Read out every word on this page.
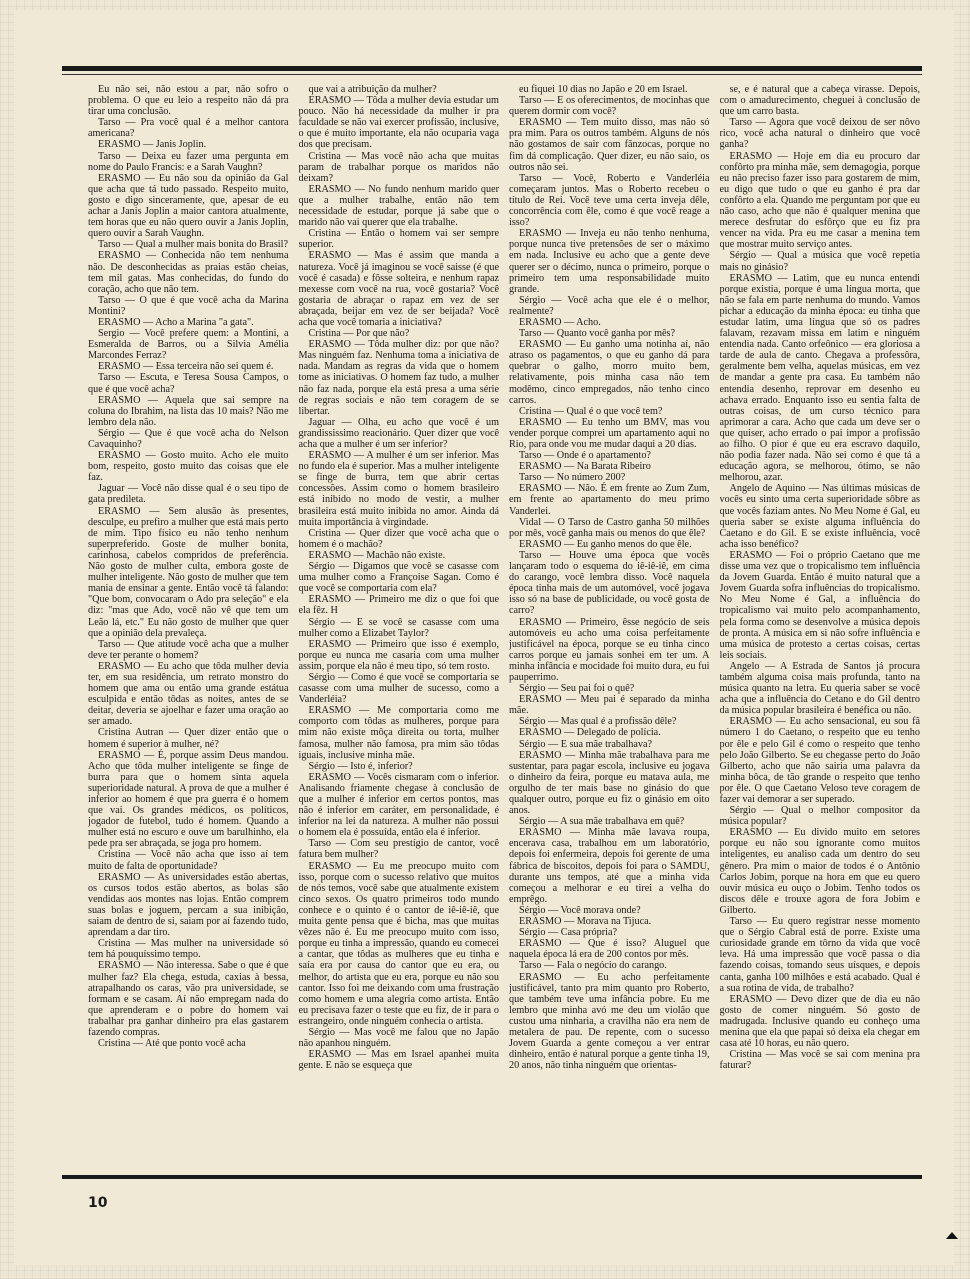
Eu não sei, não estou a par, não sofro o problema. O que eu leio a respeito não dá pra tirar uma conclusão.

Tarso — Pra você qual é a melhor cantora americana?

ERASMO — Janis Joplin.

Tarso — Deixa eu fazer uma pergunta em nome do Paulo Francis: e a Sarah Vaughn?

ERASMO — Eu não sou da opinião da Gal que acha que tá tudo passado. Respeito muito, gosto e digo sinceramente, que, apesar de eu achar a Janis Joplin a maior cantora atualmente, tem horas que eu não quero ouvir a Janis Joplin, quero ouvir a Sarah Vaughn.

Tarso — Qual a mulher mais bonita do Brasil?

ERASMO — Conhecida não tem nenhuma não. De desconhecidas as praias estão cheias, tem mil gatas. Mas conhecidas, do fundo do coração, acho que não tem.

Tarso — O que é que você acha da Marina Montini?

ERASMO — Acho a Marina "a gata".

Sergio — Você prefere quem: a Montini, a Esmeralda de Barros, ou a Silvia Amélia Marcondes Ferraz?

ERASMO — Essa terceira não sei quem é.

Tarso — Escuta, e Teresa Sousa Campos, o que é que você acha?

ERASMO — Aquela que sai sempre na coluna do Ibrahim, na lista das 10 mais? Não me lembro dela não.

Sérgio — Que é que você acha do Nelson Cavaquinho?

ERASMO — Gosto muito. Acho ele muito bom, respeito, gosto muito das coisas que ele faz.

Jaguar — Você não disse qual é o seu tipo de gata predileta.

ERASMO — Sem alusão às presentes, desculpe, eu prefiro a mulher que está mais perto de mim. Tipo físico eu não tenho nenhum superpreferido. Goste de mulher bonita, carinhosa, cabelos compridos de preferência. Não gosto de mulher culta, embora goste de mulher inteligente. Não gosto de mulher que tem mania de ensinar a gente. Então você tá falando: "Que bom, convocaram o Ado pra seleção" e ela diz: "mas que Ado, você não vê que tem um Leão lá, etc." Eu não gosto de mulher que quer que a opinião dela prevaleça.

Tarso — Que atitude você acha que a mulher deve ter perante o homem?

ERASMO — Eu acho que tôda mulher devia ter, em sua residência, um retrato monstro do homem que ama ou então uma grande estátua esculpida e então tôdas as noites, antes de se deitar, deveria se ajoelhar e fazer uma oração ao ser amado.

Cristina Autran — Quer dizer então que o homem é superior à mulher, né?

ERASMO — É, porque assim Deus mandou. Acho que tôda mulher inteligente se finge de burra para que o homem sinta aquela superioridade natural. A prova de que a mulher é inferior ao homem é que pra guerra é o homem que vai. Os grandes médicos, os políticos, jogador de futebol, tudo é homem. Quando a mulher está no escuro e ouve um barulhinho, ela pede pra ser abraçada, se joga pro homem.

Cristina — Você não acha que isso aí tem muito de falta de oportunidade?

ERASMO — As universidades estão abertas, os cursos todos estão abertos, as bolas são vendidas aos montes nas lojas. Então comprem suas bolas e joguem, percam a sua inibição, saiam de dentro de si, saiam por aí fazendo tudo, aprendam a dar tiro.

Cristina — Mas mulher na universidade só tem há pouquíssimo tempo.

ERASMO — Não interessa. Sabe o que é que mulher faz? Ela chega, estuda, caxias à bessa, atrapalhando os caras, vão pra universidade, se formam e se casam. Aí não empregam nada do que aprenderam e o pobre do homem vai trabalhar pra ganhar dinheiro pra elas gastarem fazendo compras.

Cristina — Até que ponto você acha

que vai a atribuição da mulher?

ERASMO — Tôda a mulher devia estudar um pouco. Não há necessidade da mulher ir pra faculdade se não vai exercer profissão, inclusive, o que é muito importante, ela não ocuparia vaga dos que precisam.

Cristina — Mas você não acha que muitas param de trabalhar porque os maridos não deixam?

ERASMO — No fundo nenhum marido quer que a mulher trabalhe, então não tem necessidade de estudar, porque já sabe que o marido não vai querer que ela trabalhe.

Cristina — Então o homem vai ser sempre superior.

ERASMO — Mas é assim que manda a natureza. Você já imaginou se você saisse (é que você é casada) e fôsse solteira, e nenhum rapaz mexesse com você na rua, você gostaria? Você gostaria de abraçar o rapaz em vez de ser abraçada, beijar em vez de ser beijada? Você acha que você tomaria a iniciativa?

Cristina — Por que não?

ERASMO — Tôda mulher diz: por que não? Mas ninguém faz. Nenhuma toma a iniciativa de nada. Mandam as regras da vida que o homem tome as iniciativas. O homem faz tudo, a mulher não faz nada, porque ela está presa a uma série de regras sociais e não tem coragem de se libertar.

Jaguar — Olha, eu acho que você é um grandississimo reacionário. Quer dizer que você acha que a mulher é um ser inferior?

ERASMO — A mulher é um ser inferior. Mas no fundo ela é superior. Mas a mulher inteligente se finge de burra, tem que abrir certas concessões. Assim como o homem brasileiro está inibido no modo de vestir, a mulher brasileira está muito inibida no amor. Ainda dá muita importância à virgindade.

Cristina — Quer dizer que você acha que o homem é o machão?

ERASMO — Machão não existe.

Sérgio — Digamos que você se casasse com uma mulher como a Françoise Sagan. Como é que você se comportaria com ela?

ERASMO — Primeiro me diz o que foi que ela fêz. H

Sérgio — E se você se casasse com uma mulher como a Elizabet Taylor?

ERASMO — Primeiro que isso é exemplo, porque eu nunca me casaria com uma mulher assim, porque ela não é meu tipo, só tem rosto.

Sérgio — Como é que você se comportaria se casasse com uma mulher de sucesso, como a Vanderléia?

ERASMO — Me comportaria como me comporto com tôdas as mulheres, porque para mim não existe môça direita ou torta, mulher famosa, mulher não famosa, pra mim são tôdas iguais, inclusive minha mãe.

Sérgio — Isto é, inferior?

ERASMO — Vocês cismaram com o inferior. Analisando friamente chegase à conclusão de que a mulher é inferior em certos pontos, mas não é inferior em caráter, em personalidade, é inferior na lei da natureza. A mulher não possui o homem ela é possuída, então ela é inferior.

Tarso — Com seu prestígio de cantor, você fatura bem mulher?

ERASMO — Eu me preocupo muito com isso, porque com o sucesso relativo que muitos de nós temos, você sabe que atualmente existem cinco sexos. Os quatro primeiros todo mundo conhece e o quinto é o cantor de iê-iê-iê, que muita gente pensa que é bicha, mas que muitas vêzes não é. Eu me preocupo muito com isso, porque eu tinha a impressão, quando eu comecei a cantar, que tôdas as mulheres que eu tinha e saía era por causa do cantor que eu era, ou melhor, do artista que eu era, porque eu não sou cantor. Isso foi me deixando com uma frustração como homem e uma alegria como artista. Então eu precisava fazer o teste que eu fiz, de ir para o estrangeiro, onde ninguém conhecia o artista.

Sérgio — Mas você me falou que no Japão não apanhou ninguém.

ERASMO — Mas em Israel apanhei muita gente. E não se esqueça que

eu fiquei 10 dias no Japão e 20 em Israel.

Tarso — E os oferecimentos, de mocinhas que querem dormir com você?

ERASMO — Tem muito disso, mas não só pra mim. Para os outros também. Alguns de nós não gostamos de sair com fãnzocas, porque no fim dá complicação. Quer dizer, eu não saio, os outros não sei.

Tarso — Você, Roberto e Vanderléia começaram juntos. Mas o Roberto recebeu o título de Rei. Você teve uma certa inveja dêle, concorrência com êle, como é que você reage a isso?

ERASMO — Inveja eu não tenho nenhuma, porque nunca tive pretensões de ser o máximo em nada. Inclusive eu acho que a gente deve querer ser o décimo, nunca o primeiro, porque o primeiro tem uma responsabilidade muito grande.

Sérgio — Você acha que ele é o melhor, realmente?

ERASMO — Acho.

Tarso — Quanto você ganha por mês?

ERASMO — Eu ganho uma notinha aí, não atraso os pagamentos, o que eu ganho dá para quebrar o galho, morro muito bem, relativamente, pois minha casa não tem modêmo, cinco empregados, não tenho cinco carros.

Cristina — Qual é o que você tem?

ERASMO — Eu tenho um BMV, mas vou vender porque comprei um apartamento aqui no Rio, para onde vou me mudar daqui a 20 dias.

Tarso — Onde é o apartamento?

ERASMO — Na Barata Ribeiro

Tarso — No número 200?

ERASMO — Não. É em frente ao Zum Zum, em frente ao apartamento do meu primo Vanderlei.

Vidal — O Tarso de Castro ganha 50 milhões por mês, você ganha mais ou menos do que êle?

ERASMO — Eu ganho menos do que êle.

Tarso — Houve uma época que vocês lançaram todo o esquema do iê-iê-iê, em cima do carango, você lembra disso. Você naquela época tinha mais de um automóvel, você jogava isso só na base de publicidade, ou você gosta de carro?

ERASMO — Primeiro, êsse negócio de seis automóveis eu acho uma coisa perfeitamente justificável na época, porque se eu tinha cinco carros porque eu jamais sonhei em ter um. A minha infância e mocidade foi muito dura, eu fui pauperrimo.

Sérgio — Seu pai foi o quê?

ERASMO — Meu pai é separado da minha mãe.

Sérgio — Mas qual é a profissão dêle?

ERASMO — Delegado de polícia.

Sérgio — E sua mãe trabalhava?

ERASMO — Minha mãe trabalhava para me sustentar, para pagar escola, inclusive eu jogava o dinheiro da feira, porque eu matava aula, me orgulho de ter mais base no ginásio do que qualquer outro, porque eu fiz o ginásio em oito anos.

Sérgio — A sua mãe trabalhava em quê?

ERASMO — Minha mãe lavava roupa, encerava casa, trabalhou em um laboratório, depois foi enfermeira, depois foi gerente de uma fábrica de biscoitos, depois foi para o SAMDU, durante uns tempos, até que a minha vida começou a melhorar e eu tirei a velha do emprêgo.

Sérgio — Você morava onde?

ERASMO — Morava na Tijuca.

Sérgio — Casa própria?

ERASMO — Que é isso? Aluguel que naquela época lá era de 200 contos por mês.

Tarso — Fala o negócio do carango.

ERASMO — Eu acho perfeitamente justificável, tanto pra mim quanto pro Roberto, que também teve uma infância pobre. Eu me lembro que minha avó me deu um violão que custou uma ninharia, a cravilha não era nem de metalera de pau. De repente, com o sucesso Jovem Guarda a gente começou a ver entrar dinheiro, então é natural porque a gente tinha 19, 20 anos, não tinha ninguém que orientas-

se, e é natural que a cabeça virasse. Depois, com o amadurecimento, cheguei à conclusão de que um carro basta.

Tarso — Agora que você deixou de ser nôvo rico, você acha natural o dinheiro que você ganha?

ERASMO — Hoje em dia eu procuro dar confôrto pra minha mãe, sem demagogia, porque eu não preciso fazer isso para gostarem de mim, eu digo que tudo o que eu ganho é pra dar confôrto a ela. Quando me perguntam por que eu não caso, acho que não é qualquer menina que merece desfrutar do esfôrço que eu fiz pra vencer na vida. Pra eu me casar a menina tem que mostrar muito serviço antes.

Sérgio — Qual a música que você repetia mais no ginásio?

ERASMO — Latim, que eu nunca entendi porque existia, porque é uma língua morta, que não se fala em parte nenhuma do mundo. Vamos pichar a educação da minha época: eu tinha que estudar latim, uma língua que só os padres falavam, rezavam missa em latim e ninguém entendia nada. Canto orfeônico — era gloriosa a tarde de aula de canto. Chegava a professôra, geralmente bem velha, aquelas músicas, em vez de mandar a gente pra casa. Eu também não entendia desenho, reprovar em desenho eu achava errado. Enquanto isso eu sentia falta de outras coisas, de um curso técnico para aprimorar a cara. Acho que cada um deve ser o que quiser, acho errado o pai impor a profissão ao filho. O pior é que eu era escravo daquilo, não podia fazer nada. Não sei como é que tá a educação agora, se melhorou, ótimo, se não melhorou, azar.

Angelo de Aquino — Nas últimas músicas de vocês eu sinto uma certa superioridade sôbre as que vocês faziam antes. No Meu Nome é Gal, eu queria saber se existe alguma influência do Caetano e do Gil. E se existe influência, você acha isso benéfico?

ERASMO — Foi o próprio Caetano que me disse uma vez que o tropicalismo tem influência da Jovem Guarda. Então é muito natural que a Jovem Guarda sofra influências do tropicalismo. No Meu Nome é Gal, a influência do tropicalismo vai muito pelo acompanhamento, pela forma como se desenvolve a música depois de pronta. A música em si não sofre influência e uma música de protesto a certas coisas, certas leis sociais.

Angelo — A Estrada de Santos já procura também alguma coisa mais profunda, tanto na música quanto na letra. Eu queria saber se você acha que a influência do Cetano e do Gil dentro da música popular brasileira é benéfica ou não.

ERASMO — Eu acho sensacional, eu sou fã número 1 do Caetano, o respeito que eu tenho por êle e pelo Gil é como o respeito que tenho pelo João Gilberto. Se eu chegasse perto do João Gilberto, acho que não sairia uma palavra da minha bôca, de tão grande o respeito que tenho por êle. O que Caetano Veloso teve coragem de fazer vai demorar a ser superado.

Sérgio — Qual o melhor compositor da música popular?

ERASMO — Eu divido muito em setores porque eu não sou ignorante como muitos inteligentes, eu analiso cada um dentro do seu gênero. Pra mim o maior de todos é o Antônio Carlos Jobim, porque na hora em que eu quero ouvir música eu ouço o Jobim. Tenho todos os discos dêle e trouxe agora de fora Jobim e Gilberto.

Tarso — Eu quero registrar nesse momento que o Sérgio Cabral está de porre. Existe uma curiosidade grande em tôrno da vida que você leva. Há uma impressão que você passa o dia fazendo coisas, tomando seus uísques, e depois canta, ganha 100 milhões e está acabado. Qual é a sua rotina de vida, de trabalho?

ERASMO — Devo dizer que de dia eu não gosto de comer ninguém. Só gosto de madrugada. Inclusive quando eu conheço uma menina que ela que papai só deixa ela chegar em casa até 10 horas, eu não quero.

Cristina — Mas você se sai com menina pra faturar?

10
